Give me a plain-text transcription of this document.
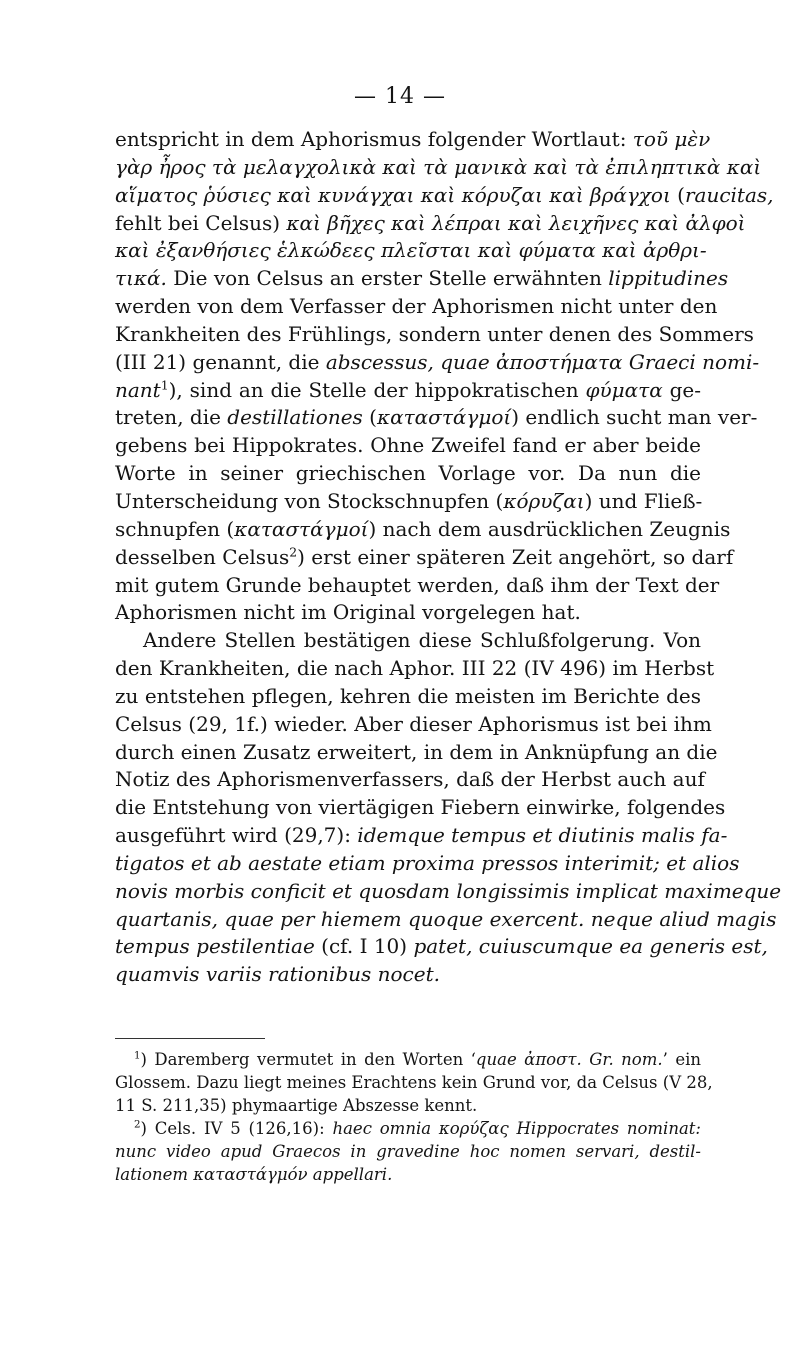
— 14 —

entspricht in dem Aphorismus folgender Wortlaut: τοῦ μὲν
γὰρ ἦρος τὰ μελαγχολικὰ καὶ τὰ μανικὰ καὶ τὰ ἐπιληπτικὰ καὶ
αἵματος ῥύσιες καὶ κυνάγχαι καὶ κόρυζαι καὶ βράγχοι (raucitas,
fehlt bei Celsus) καὶ βῆχες καὶ λέπραι καὶ λειχῆνες καὶ ἀλφοὶ
καὶ ἐξανθήσιες ἑλκώδεες πλεῖσται καὶ φύματα καὶ ἀρθρι-
τικά. Die von Celsus an erster Stelle erwähnten lippitudines
werden von dem Verfasser der Aphorismen nicht unter den
Krankheiten des Frühlings, sondern unter denen des Sommers
(III 21) genannt, die abscessus, quae ἀποστήματα Graeci nomi-
nant$^1$), sind an die Stelle der hippokratischen φύματα ge-
treten, die destillationes (καταστάγμοί) endlich sucht man ver-
gebens bei Hippokrates. Ohne Zweifel fand er aber beide
Worte in seiner griechischen Vorlage vor. Da nun die
Unterscheidung von Stockschnupfen (κόρυζαι) und Fließ-
schnupfen (καταστάγμοί) nach dem ausdrücklichen Zeugnis
desselben Celsus$^2$) erst einer späteren Zeit angehört, so darf
mit gutem Grunde behauptet werden, daß ihm der Text der
Aphorismen nicht im Original vorgelegen hat.

Andere Stellen bestätigen diese Schlußfolgerung. Von
den Krankheiten, die nach Aphor. III 22 (IV 496) im Herbst
zu entstehen pflegen, kehren die meisten im Berichte des
Celsus (29, 1f.) wieder. Aber dieser Aphorismus ist bei ihm
durch einen Zusatz erweitert, in dem in Anknüpfung an die
Notiz des Aphorismenverfassers, daß der Herbst auch auf
die Entstehung von viertägigen Fiebern einwirke, folgendes
ausgeführt wird (29,7): idemque tempus et diutinis malis fa-
tigatos et ab aestate etiam proxima pressos interimit; et alios
novis morbis conficit et quosdam longissimis implicat maximeque
quartanis, quae per hiemem quoque exercent. neque aliud magis
tempus pestilentiae (cf. I 10) patet, cuiuscumque ea generis est,
quamvis variis rationibus nocet.

$^1$) Daremberg vermutet in den Worten ‘quae ἀποστ. Gr. nom.’ ein
Glossem. Dazu liegt meines Erachtens kein Grund vor, da Celsus (V 28,
11 S. 211,35) phymaartige Abszesse kennt.

$^2$) Cels. IV 5 (126,16): haec omnia κορύζας Hippocrates nominat:
nunc video apud Graecos in gravedine hoc nomen servari, destil-
lationem καταστάγμόν appellari.
